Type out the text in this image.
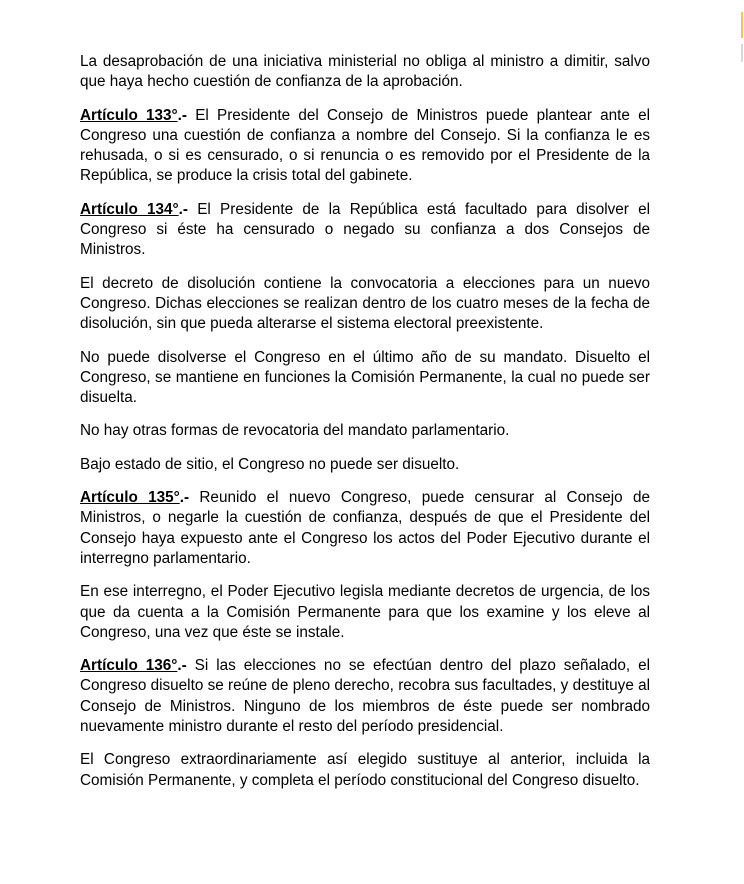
La desaprobación de una iniciativa ministerial no obliga al ministro a dimitir, salvo que haya hecho cuestión de confianza de la aprobación.

Artículo 133°.- El Presidente del Consejo de Ministros puede plantear ante el Congreso una cuestión de confianza a nombre del Consejo. Si la confianza le es rehusada, o si es censurado, o si renuncia o es removido por el Presidente de la República, se produce la crisis total del gabinete.

Artículo 134°.- El Presidente de la República está facultado para disolver el Congreso si éste ha censurado o negado su confianza a dos Consejos de Ministros.

El decreto de disolución contiene la convocatoria a elecciones para un nuevo Congreso. Dichas elecciones se realizan dentro de los cuatro meses de la fecha de disolución, sin que pueda alterarse el sistema electoral preexistente.

No puede disolverse el Congreso en el último año de su mandato. Disuelto el Congreso, se mantiene en funciones la Comisión Permanente, la cual no puede ser disuelta.

No hay otras formas de revocatoria del mandato parlamentario.

Bajo estado de sitio, el Congreso no puede ser disuelto.

Artículo 135°.- Reunido el nuevo Congreso, puede censurar al Consejo de Ministros, o negarle la cuestión de confianza, después de que el Presidente del Consejo haya expuesto ante el Congreso los actos del Poder Ejecutivo durante el interregno parlamentario.

En ese interregno, el Poder Ejecutivo legisla mediante decretos de urgencia, de los que da cuenta a la Comisión Permanente para que los examine y los eleve al Congreso, una vez que éste se instale.

Artículo 136°.- Si las elecciones no se efectúan dentro del plazo señalado, el Congreso disuelto se reúne de pleno derecho, recobra sus facultades, y destituye al Consejo de Ministros. Ninguno de los miembros de éste puede ser nombrado nuevamente ministro durante el resto del período presidencial.

El Congreso extraordinariamente así elegido sustituye al anterior, incluida la Comisión Permanente, y completa el período constitucional del Congreso disuelto.
